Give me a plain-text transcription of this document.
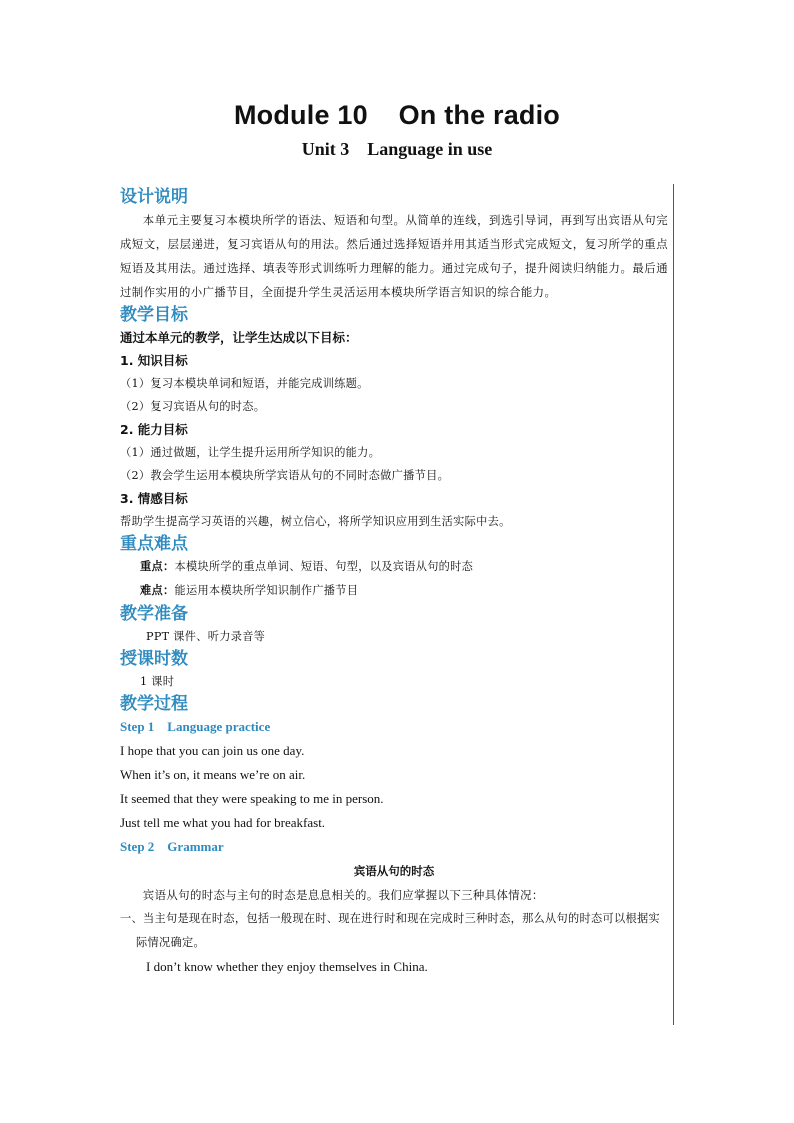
Module 10    On the radio
Unit 3    Language in use

设计说明

本单元主要复习本模块所学的语法、短语和句型。从简单的连线，到选引导词，再到写出宾语从句完成短文，层层递进，复习宾语从句的用法。然后通过选择短语并用其适当形式完成短文，复习所学的重点短语及其用法。通过选择、填表等形式训练听力理解的能力。通过完成句子，提升阅读归纳能力。最后通过制作实用的小广播节目，全面提升学生灵活运用本模块所学语言知识的综合能力。

教学目标

通过本单元的教学，让学生达成以下目标：

1. 知识目标

（1）复习本模块单词和短语，并能完成训练题。

（2）复习宾语从句的时态。

2. 能力目标

（1）通过做题，让学生提升运用所学知识的能力。

（2）教会学生运用本模块所学宾语从句的不同时态做广播节目。

3. 情感目标

帮助学生提高学习英语的兴趣，树立信心，将所学知识应用到生活实际中去。

重点难点

重点：本模块所学的重点单词、短语、句型，以及宾语从句的时态

难点：能运用本模块所学知识制作广播节目

教学准备

PPT 课件、听力录音等

授课时数

1 课时

教学过程

Step 1    Language practice

I hope that you can join us one day.

When it’s on, it means we’re on air.

It seemed that they were speaking to me in person.

Just tell me what you had for breakfast.

Step 2    Grammar

宾语从句的时态

宾语从句的时态与主句的时态是息息相关的。我们应掌握以下三种具体情况：

一、当主句是现在时态，包括一般现在时、现在进行时和现在完成时三种时态，那么从句的时态可以根据实际情况确定。

I don’t know whether they enjoy themselves in China.
